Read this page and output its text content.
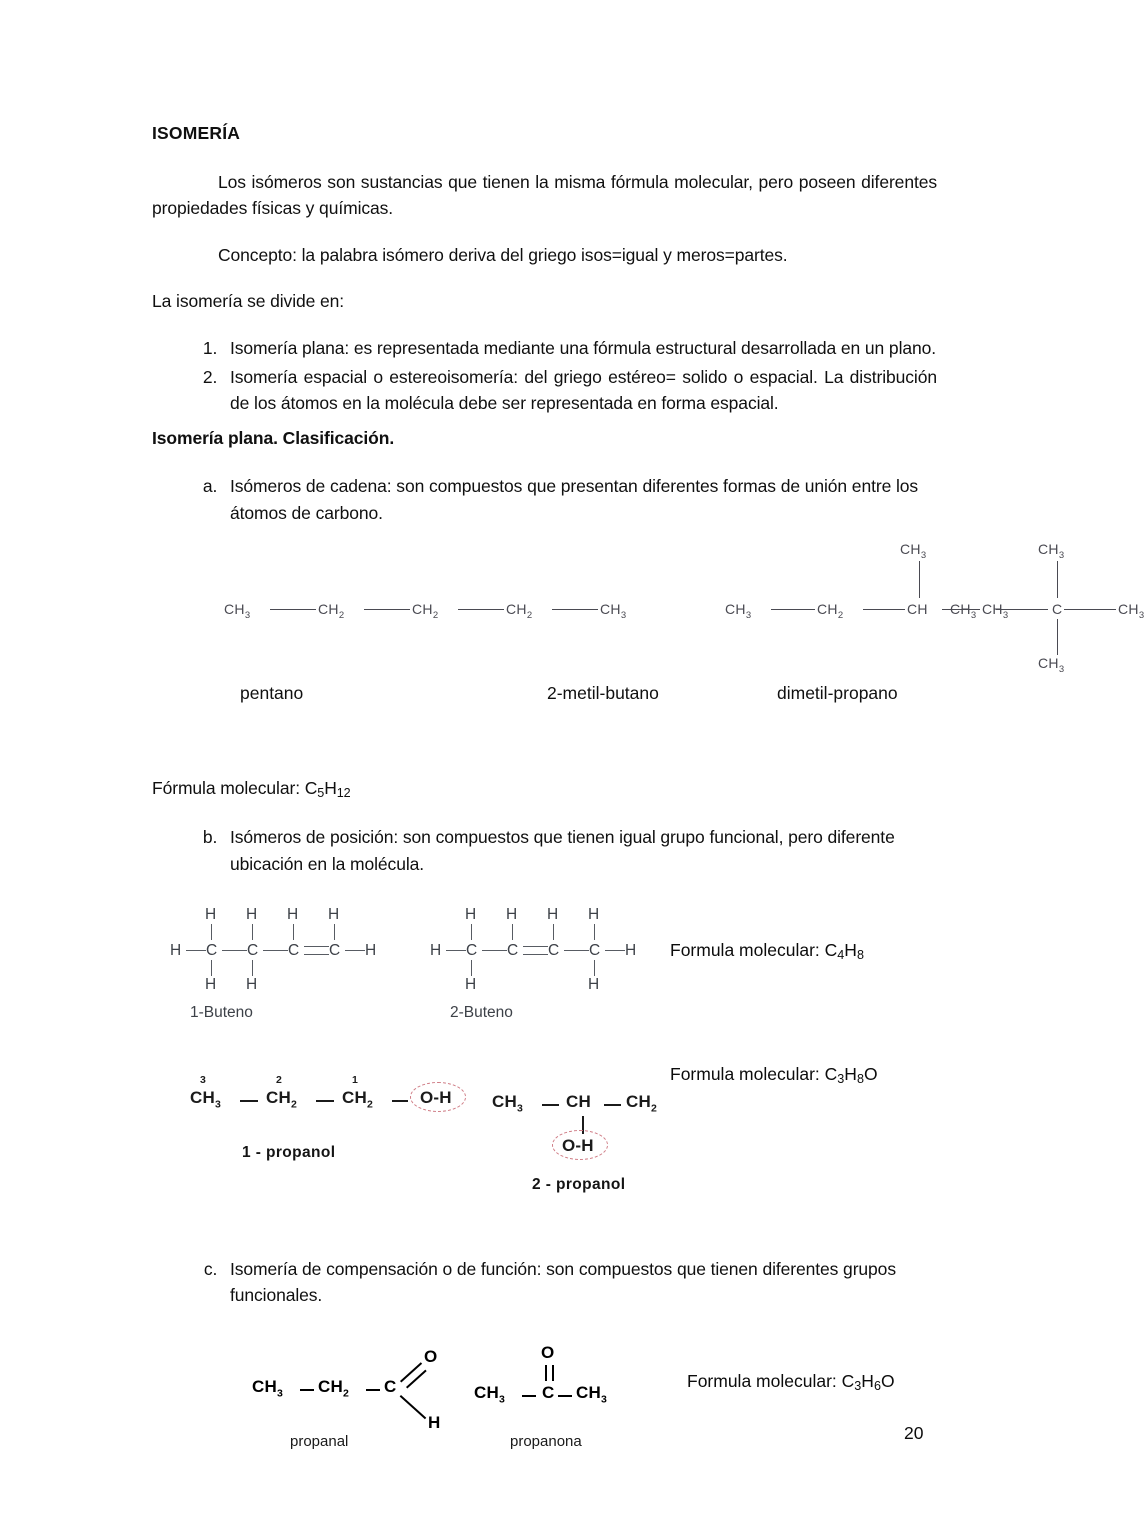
ISOMERÍA
Los isómeros son sustancias que tienen la misma fórmula molecular, pero poseen diferentes propiedades físicas y químicas.
Concepto: la palabra isómero deriva del griego isos=igual y meros=partes.
La isomería se divide en:
1. Isomería plana: es representada mediante una fórmula estructural desarrollada en un plano.
2. Isomería espacial o estereoisomería: del griego estéreo= solido o espacial. La distribución de los átomos en la molécula debe ser representada en forma espacial.
Isomería plana. Clasificación.
a. Isómeros de cadena: son compuestos que presentan diferentes formas de unión entre los átomos de carbono.
$CH_3$	$CH_2$	$CH_2$	$CH_2$	$CH_3$	$CH_3$	$CH_2$	CH	$CH_3$
$CH_3$
C
$CH_3$	$CH_3$
$CH_3$
$CH_3$
pentano	2-metil-butano	dimetil-propano
Fórmula molecular: C5H12
b. Isómeros de posición: son compuestos que tienen igual grupo funcional, pero diferente ubicación en la molécula.
H C C C C H
H H H H
H H
1-Buteno
H C C C C H
H H H H
H	H
2-Buteno
Formula molecular: C4H8
3
$CH_3$
2
$CH_2$
1
$CH_2$	O-H
1 - propanol
$CH_3$	CH $CH_2$
O-H
2 - propanol
Formula molecular: C3H8O
c. Isomería de compensación o de función: son compuestos que tienen diferentes grupos funcionales.
$CH_3$ $CH_2$ C
O
H
propanal
$CH_3$ C $CH_3$
O
propanona
Formula molecular: C3H6O
20
